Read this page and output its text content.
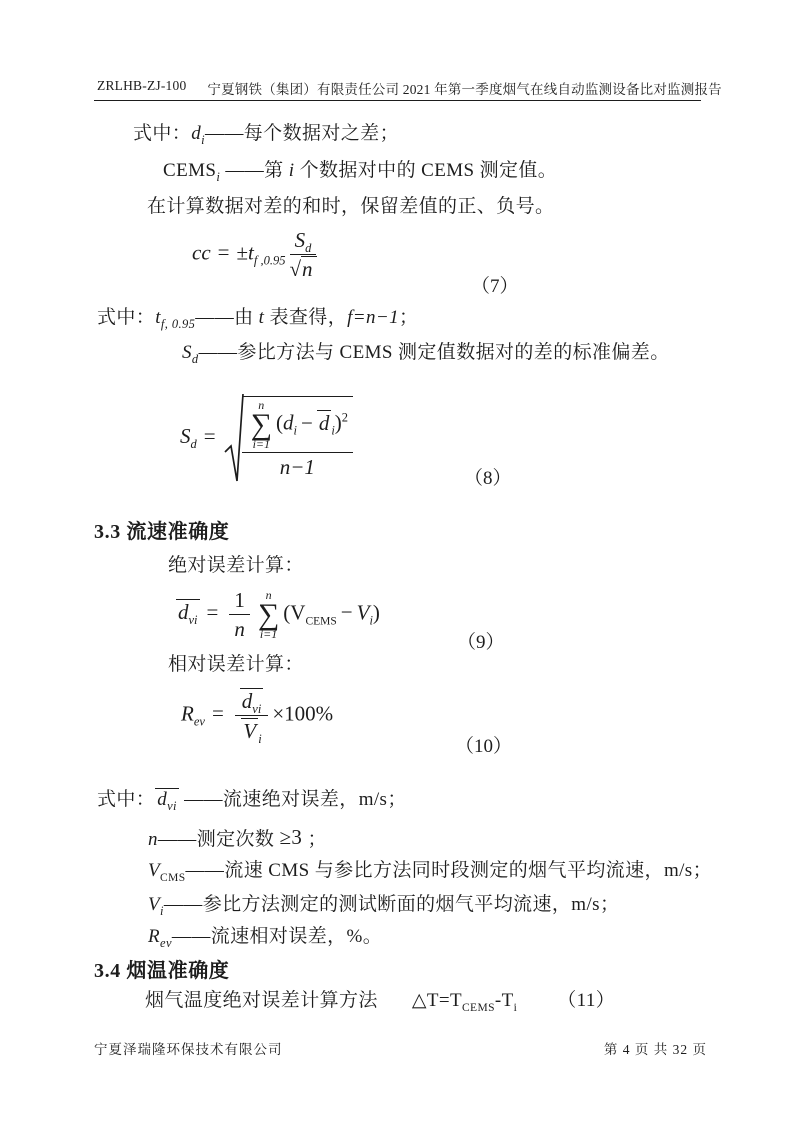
ZRLHB-ZJ-100 宁夏钢铁（集团）有限责任公司 2021 年第一季度烟气在线自动监测设备比对监测报告
式中：$d_i——$每个数据对之差；
$CEMS_i$ ——第 i 个数据对中的 CEMS 测定值。
在计算数据对差的和时，保留差值的正、负号。
cc = $\pm t_{f ,0.95} \frac{S_d}{√n}$
（7）
式中：$t_{f, 0.95}——$由 t 表查得，f=n−1；
$S_d——$参比方法与 CEMS 测定值数据对的差的标准偏差。
$S_d = n$
∑
i=1
($d_i - d$ $_i$)$^2$
n−1	（8）
3.3 流速准确度
绝对误差计算：
$d_{vi} = \frac{1}{n}$ n
∑
i=1
$(V_{CEMS} - V_i)$
（9）
相对误差计算：
$R_{ev} = \frac{d_{vi}}{V _i} \times 100\%$
（10）
式中： $d_{vi}$ ——流速绝对误差，m/s；
n——测定次数 ≥3 ；
$V_{CMS}——$流速 CMS 与参比方法同时段测定的烟气平均流速，m/s；
$V_i——$参比方法测定的测试断面的烟气平均流速，m/s；
$R_{ev}——$流速相对误差，%。
3.4 烟温准确度
烟气温度绝对误差计算方法 $\triangle T=T_{CEMS}-T_i$ （11）
宁夏泽瑞隆环保技术有限公司	第 4 页 共 32 页
